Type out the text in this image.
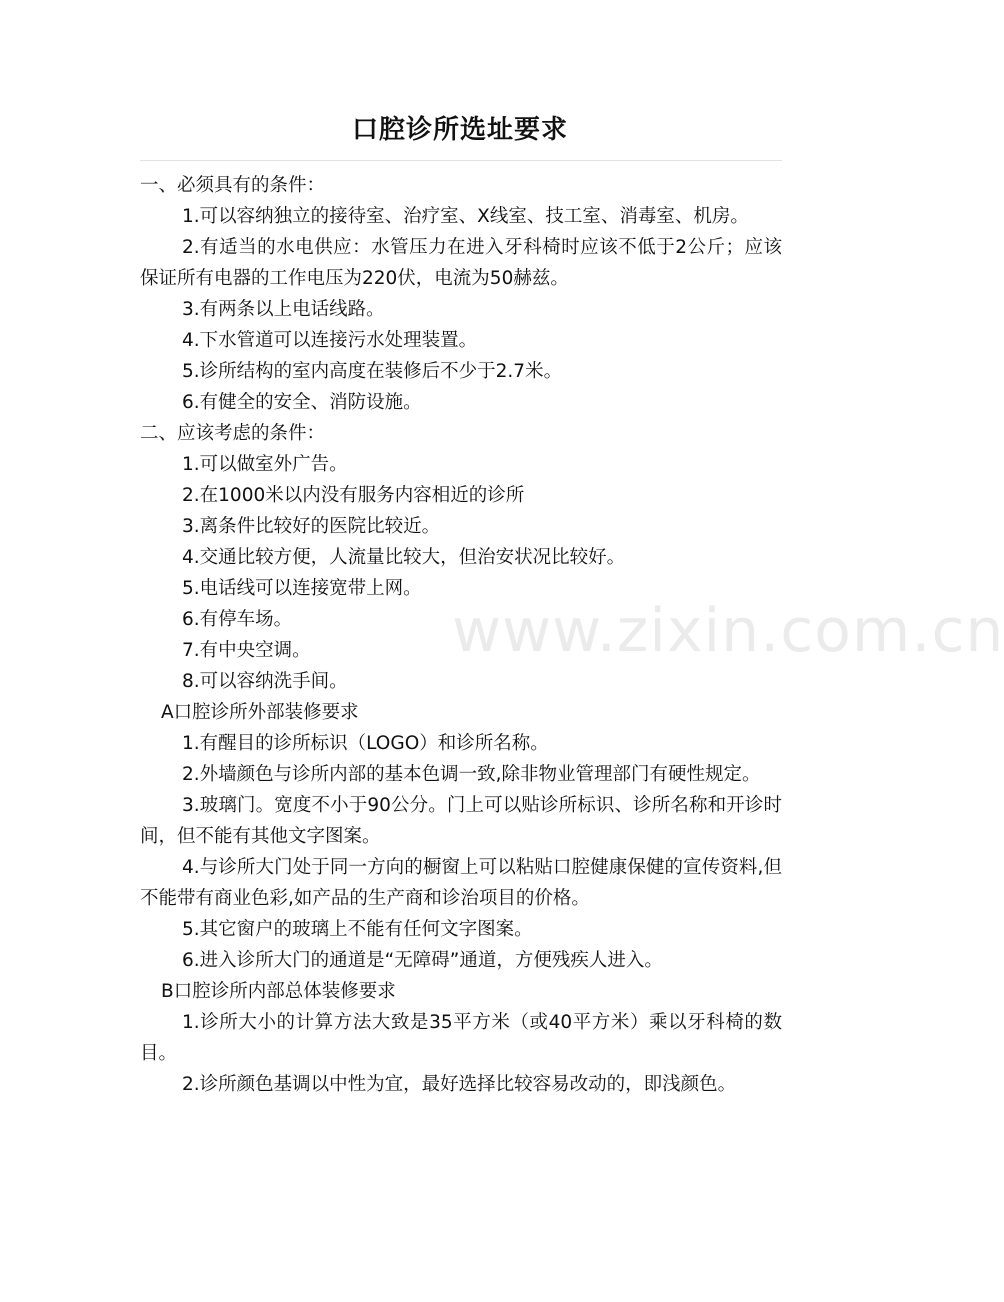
口腔诊所选址要求

一、必须具有的条件：

1.可以容纳独立的接待室、治疗室、X线室、技工室、消毒室、机房。

2.有适当的水电供应：水管压力在进入牙科椅时应该不低于2公斤；应该保证所有电器的工作电压为220伏，电流为50赫兹。

3.有两条以上电话线路。

4.下水管道可以连接污水处理装置。

5.诊所结构的室内高度在装修后不少于2.7米。

6.有健全的安全、消防设施。

二、应该考虑的条件：

1.可以做室外广告。

2.在1000米以内没有服务内容相近的诊所

3.离条件比较好的医院比较近。

4.交通比较方便，人流量比较大，但治安状况比较好。

5.电话线可以连接宽带上网。

6.有停车场。

7.有中央空调。

8.可以容纳洗手间。

A口腔诊所外部装修要求

1.有醒目的诊所标识（LOGO）和诊所名称。

2.外墙颜色与诊所内部的基本色调一致,除非物业管理部门有硬性规定。

3.玻璃门。宽度不小于90公分。门上可以贴诊所标识、诊所名称和开诊时间，但不能有其他文字图案。

4.与诊所大门处于同一方向的橱窗上可以粘贴口腔健康保健的宣传资料,但不能带有商业色彩,如产品的生产商和诊治项目的价格。

5.其它窗户的玻璃上不能有任何文字图案。

6.进入诊所大门的通道是“无障碍”通道，方便残疾人进入。

B口腔诊所内部总体装修要求

1.诊所大小的计算方法大致是35平方米（或40平方米）乘以牙科椅的数目。

2.诊所颜色基调以中性为宜，最好选择比较容易改动的，即浅颜色。

www.zixin.com.cn
